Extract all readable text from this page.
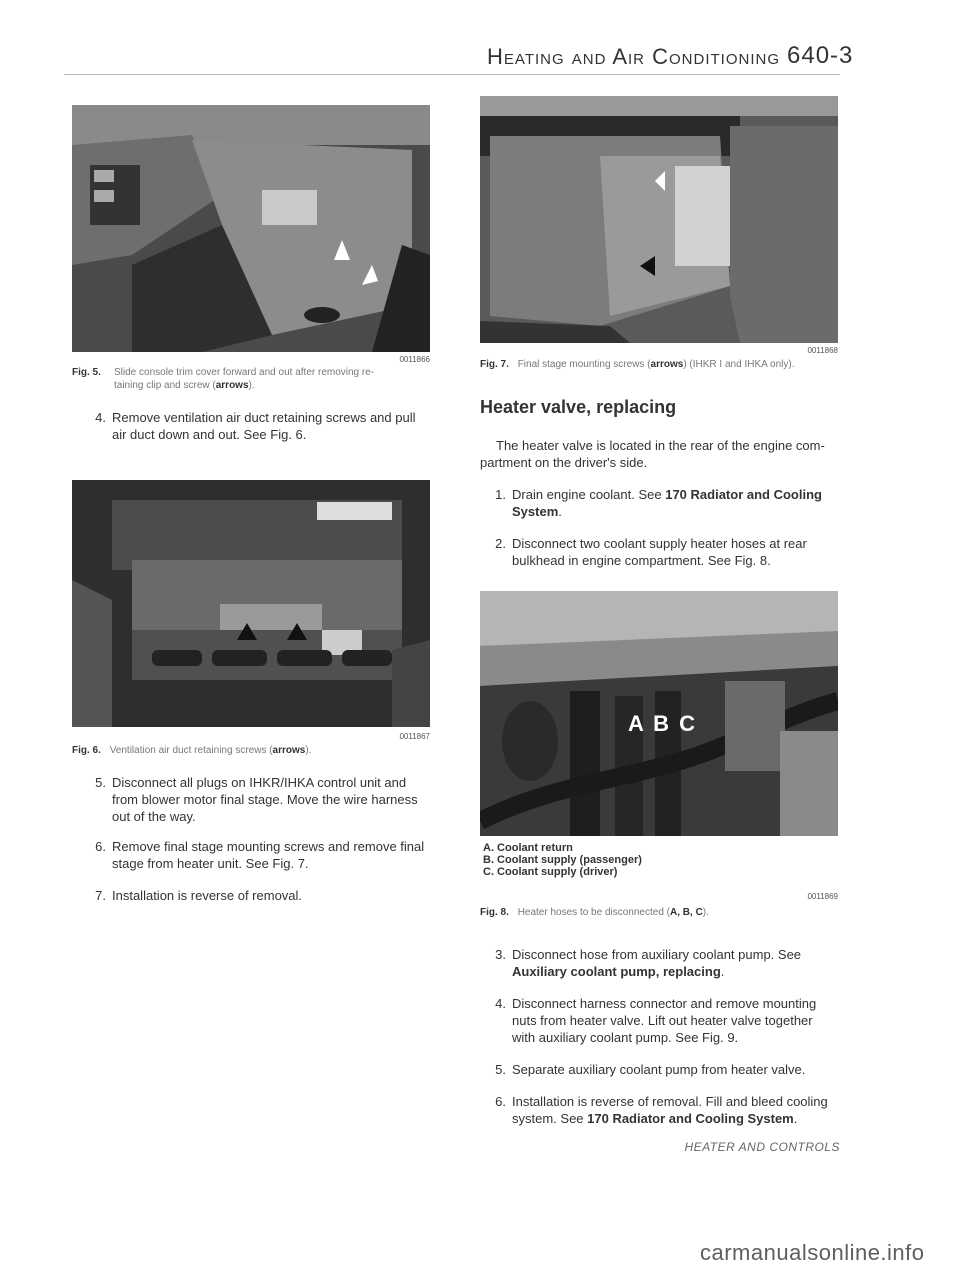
Heating and Air Conditioning 640-3
0011866
Fig. 5. Slide console trim cover forward and out after removing re-
taining clip and screw (arrows).
4. Remove ventilation air duct retaining screws and pull
air duct down and out. See Fig. 6.
0011867
Fig. 6. Ventilation air duct retaining screws (arrows).
5. Disconnect all plugs on IHKR/IHKA control unit and
from blower motor final stage. Move the wire harness
out of the way.
6. Remove final stage mounting screws and remove final
stage from heater unit. See Fig. 7.
7. Installation is reverse of removal.
0011868
Fig. 7. Final stage mounting screws (arrows) (IHKR I and IHKA only).
Heater valve, replacing
The heater valve is located in the rear of the engine com-
partment on the driver's side.
1. Drain engine coolant. See 170 Radiator and Cooling
System.
2. Disconnect two coolant supply heater hoses at rear
bulkhead in engine compartment. See Fig. 8.
A B C
A. Coolant return
B. Coolant supply (passenger)
C. Coolant supply (driver)
0011869
Fig. 8. Heater hoses to be disconnected (A, B, C).
3. Disconnect hose from auxiliary coolant pump. See
Auxiliary coolant pump, replacing.
4. Disconnect harness connector and remove mounting
nuts from heater valve. Lift out heater valve together
with auxiliary coolant pump. See Fig. 9.
5. Separate auxiliary coolant pump from heater valve.
6. Installation is reverse of removal. Fill and bleed cooling
system. See 170 Radiator and Cooling System.
HEATER AND CONTROLS
carmanualsonline.info
